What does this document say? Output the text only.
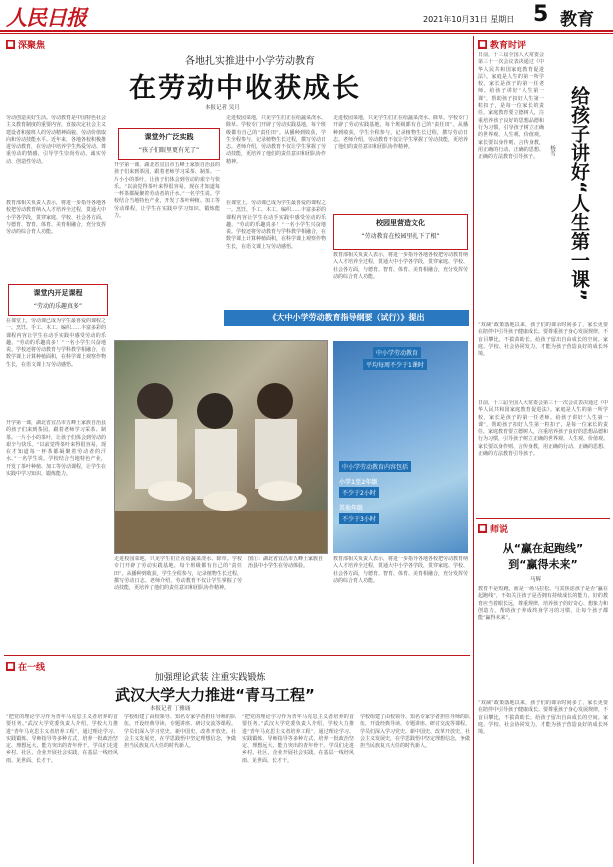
人民日报	2021年10月31日 星期日 5 教育
■ 深聚焦
各地扎实推进中小学劳动教育
在劳动中收获成长
本报记者 吴月
劳动创造美好生活。劳动教育是中国特色社会主义教育制度的重要内容，直接决定社会主义建设者和接班人的劳动精神面貌、劳动价值取向和劳动技能水平。近年来，各地各校积极推进劳动教育，在劳动中培养学生热爱劳动、尊重劳动的情感，引导学生崇尚劳动、诚实劳动、创造性劳动。
教育部相关负责人表示，将进一步指导各地各校把劳动教育纳入人才培养全过程，贯通大中小学各学段，贯穿家庭、学校、社会各方面，与德育、智育、体育、美育相融合，充分发挥劳动的综合育人功能。
课堂内开足课程
“劳动的乐趣真多”
在课堂上，劳动课已成为学生最喜爱的课程之一。烹饪、手工、木工、编织……丰富多彩的课程内容让学生在动手实践中感受劳动的乐趣。“劳动的乐趣真多！”一名小学生兴奋地说。学校还将劳动教育与学科教学相融合，在数学课上计算种植面积，在科学课上观察作物生长，在语文课上写劳动感悟。
开学第一课，湖北省宜昌市五峰土家族自治县的孩子们来到茶园，跟着老师学习采茶、制茶。一片小小的茶叶，让孩子们体会到劳动的艰辛与快乐。“以前觉得茶叶来得很容易，现在才知道每一杯茶都凝聚着劳动者的汗水。”一名学生说。学校结合当地特色产业，开发了茶叶种植、加工等劳动课程，让学生在实践中学习知识、锻炼能力。
课堂外广泛实践
“孩子们眼里更有光了”
开学第一课，湖北省宜昌市五峰土家族自治县的孩子们来到茶园，跟着老师学习采茶、制茶。一片小小的茶叶，让孩子们体会到劳动的艰辛与快乐。“以前觉得茶叶来得很容易，现在才知道每一杯茶都凝聚着劳动者的汗水。”一名学生说。学校结合当地特色产业，开发了茶叶种植、加工等劳动课程，让学生在实践中学习知识、锻炼能力。
走进校园菜地，只见学生们正在给蔬菜浇水、除草。学校专门开辟了劳动实践基地，每个班级都有自己的“责任田”。从播种到收获，学生全程参与，记录植物生长过程，撰写劳动日志。老师介绍，劳动教育不仅让学生掌握了劳动技能，更培养了他们的责任意识和团队协作精神。
在课堂上，劳动课已成为学生最喜爱的课程之一。烹饪、手工、木工、编织……丰富多彩的课程内容让学生在动手实践中感受劳动的乐趣。“劳动的乐趣真多！”一名小学生兴奋地说。学校还将劳动教育与学科教学相融合，在数学课上计算种植面积，在科学课上观察作物生长，在语文课上写劳动感悟。
走进校园菜地，只见学生们正在给蔬菜浇水、除草。学校专门开辟了劳动实践基地，每个班级都有自己的“责任田”。从播种到收获，学生全程参与，记录植物生长过程，撰写劳动日志。老师介绍，劳动教育不仅让学生掌握了劳动技能，更培养了他们的责任意识和团队协作精神。
校园里营造文化
“劳动教育在校园里扎下了根”
教育部相关负责人表示，将进一步指导各地各校把劳动教育纳入人才培养全过程，贯通大中小学各学段，贯穿家庭、学校、社会各方面，与德育、智育、体育、美育相融合，充分发挥劳动的综合育人功能。
图①：湖北省宜昌市五峰土家族自治县中小学生在劳动体验。
走进校园菜地，只见学生们正在给蔬菜浇水、除草。学校专门开辟了劳动实践基地，每个班级都有自己的“责任田”。从播种到收获，学生全程参与，记录植物生长过程，撰写劳动日志。老师介绍，劳动教育不仅让学生掌握了劳动技能，更培养了他们的责任意识和团队协作精神。
中小学劳动教育
平均每周不少于1课时
中小学劳动教育内容包括
小学1至2年级
不少于2小时
其他年级
不少于3小时
《大中小学劳动教育指导纲要（试行）》提出
教育部相关负责人表示，将进一步指导各地各校把劳动教育纳入人才培养全过程，贯通大中小学各学段，贯穿家庭、学校、社会各方面，与德育、智育、体育、美育相融合，充分发挥劳动的综合育人功能。
■ 在一线
加强理论武装 注重实践锻炼
武汉大学大力推进“青马工程”
本报记者 丁雅诵
“把党的理论学习作为青年马克思主义者培养的首要任务。”武汉大学党委负责人介绍，学校大力推进“青年马克思主义者培养工程”，通过理论学习、实践锻炼、导师指导等多种方式，培养一批政治坚定、理想远大、能力突出的青年骨干。学员们走进乡村、社区、企业开展社会实践，在基层一线经风雨、见世面、长才干。
学校组建了由校领导、知名专家学者担任导师的队伍，开设经典导读、专题讲座、研讨交流等课程。学员们深入学习党史、新中国史、改革开放史、社会主义发展史，在学思践悟中坚定理想信念，争做担当民族复兴大任的时代新人。
“把党的理论学习作为青年马克思主义者培养的首要任务。”武汉大学党委负责人介绍，学校大力推进“青年马克思主义者培养工程”，通过理论学习、实践锻炼、导师指导等多种方式，培养一批政治坚定、理想远大、能力突出的青年骨干。学员们走进乡村、社区、企业开展社会实践，在基层一线经风雨、见世面、长才干。
学校组建了由校领导、知名专家学者担任导师的队伍，开设经典导读、专题讲座、研讨交流等课程。学员们深入学习党史、新中国史、改革开放史、社会主义发展史，在学思践悟中坚定理想信念，争做担当民族复兴大任的时代新人。
■ 教育时评
给孩子讲好“人生第一课”
杨雪
日前，十三届全国人大常委会第三十一次会议表决通过《中华人民共和国家庭教育促进法》。家庭是人生的第一所学校，家长是孩子的第一任老师。给孩子讲好“人生第一课”，帮助孩子扣好人生第一粒扣子，是每一位家长的责任。家庭教育要立德树人，注重培养孩子良好的思想品德和行为习惯，引导孩子树立正确的世界观、人生观、价值观。家长要以身作则、言传身教，用正确的行动、正确的思想、正确的方法教育引导孩子。
“双减”政策落地以来，孩子们的课余时间多了，家长更要在陪伴中引导孩子健康成长。要尊重孩子身心发展规律，不盲目攀比，不拔苗助长，给孩子留出自由成长的空间。家庭、学校、社会协同发力，才能为孩子营造良好的成长环境。
日前，十三届全国人大常委会第三十一次会议表决通过《中华人民共和国家庭教育促进法》。家庭是人生的第一所学校，家长是孩子的第一任老师。给孩子讲好“人生第一课”，帮助孩子扣好人生第一粒扣子，是每一位家长的责任。家庭教育要立德树人，注重培养孩子良好的思想品德和行为习惯，引导孩子树立正确的世界观、人生观、价值观。家长要以身作则、言传身教，用正确的行动、正确的思想、正确的方法教育引导孩子。
■ 师说
从“赢在起跑线”
到“赢得未来”
马辉
教育不是短跑，而是一场马拉松。与其焦虑孩子是否“赢在起跑线”，不如关注孩子是否拥有持续成长的能力。好的教育应当着眼长远，尊重规律，培养孩子的好奇心、想象力和创造力，帮助孩子养成终身学习的习惯，让每个孩子都能“赢得未来”。
“双减”政策落地以来，孩子们的课余时间多了，家长更要在陪伴中引导孩子健康成长。要尊重孩子身心发展规律，不盲目攀比，不拔苗助长，给孩子留出自由成长的空间。家庭、学校、社会协同发力，才能为孩子营造良好的成长环境。
